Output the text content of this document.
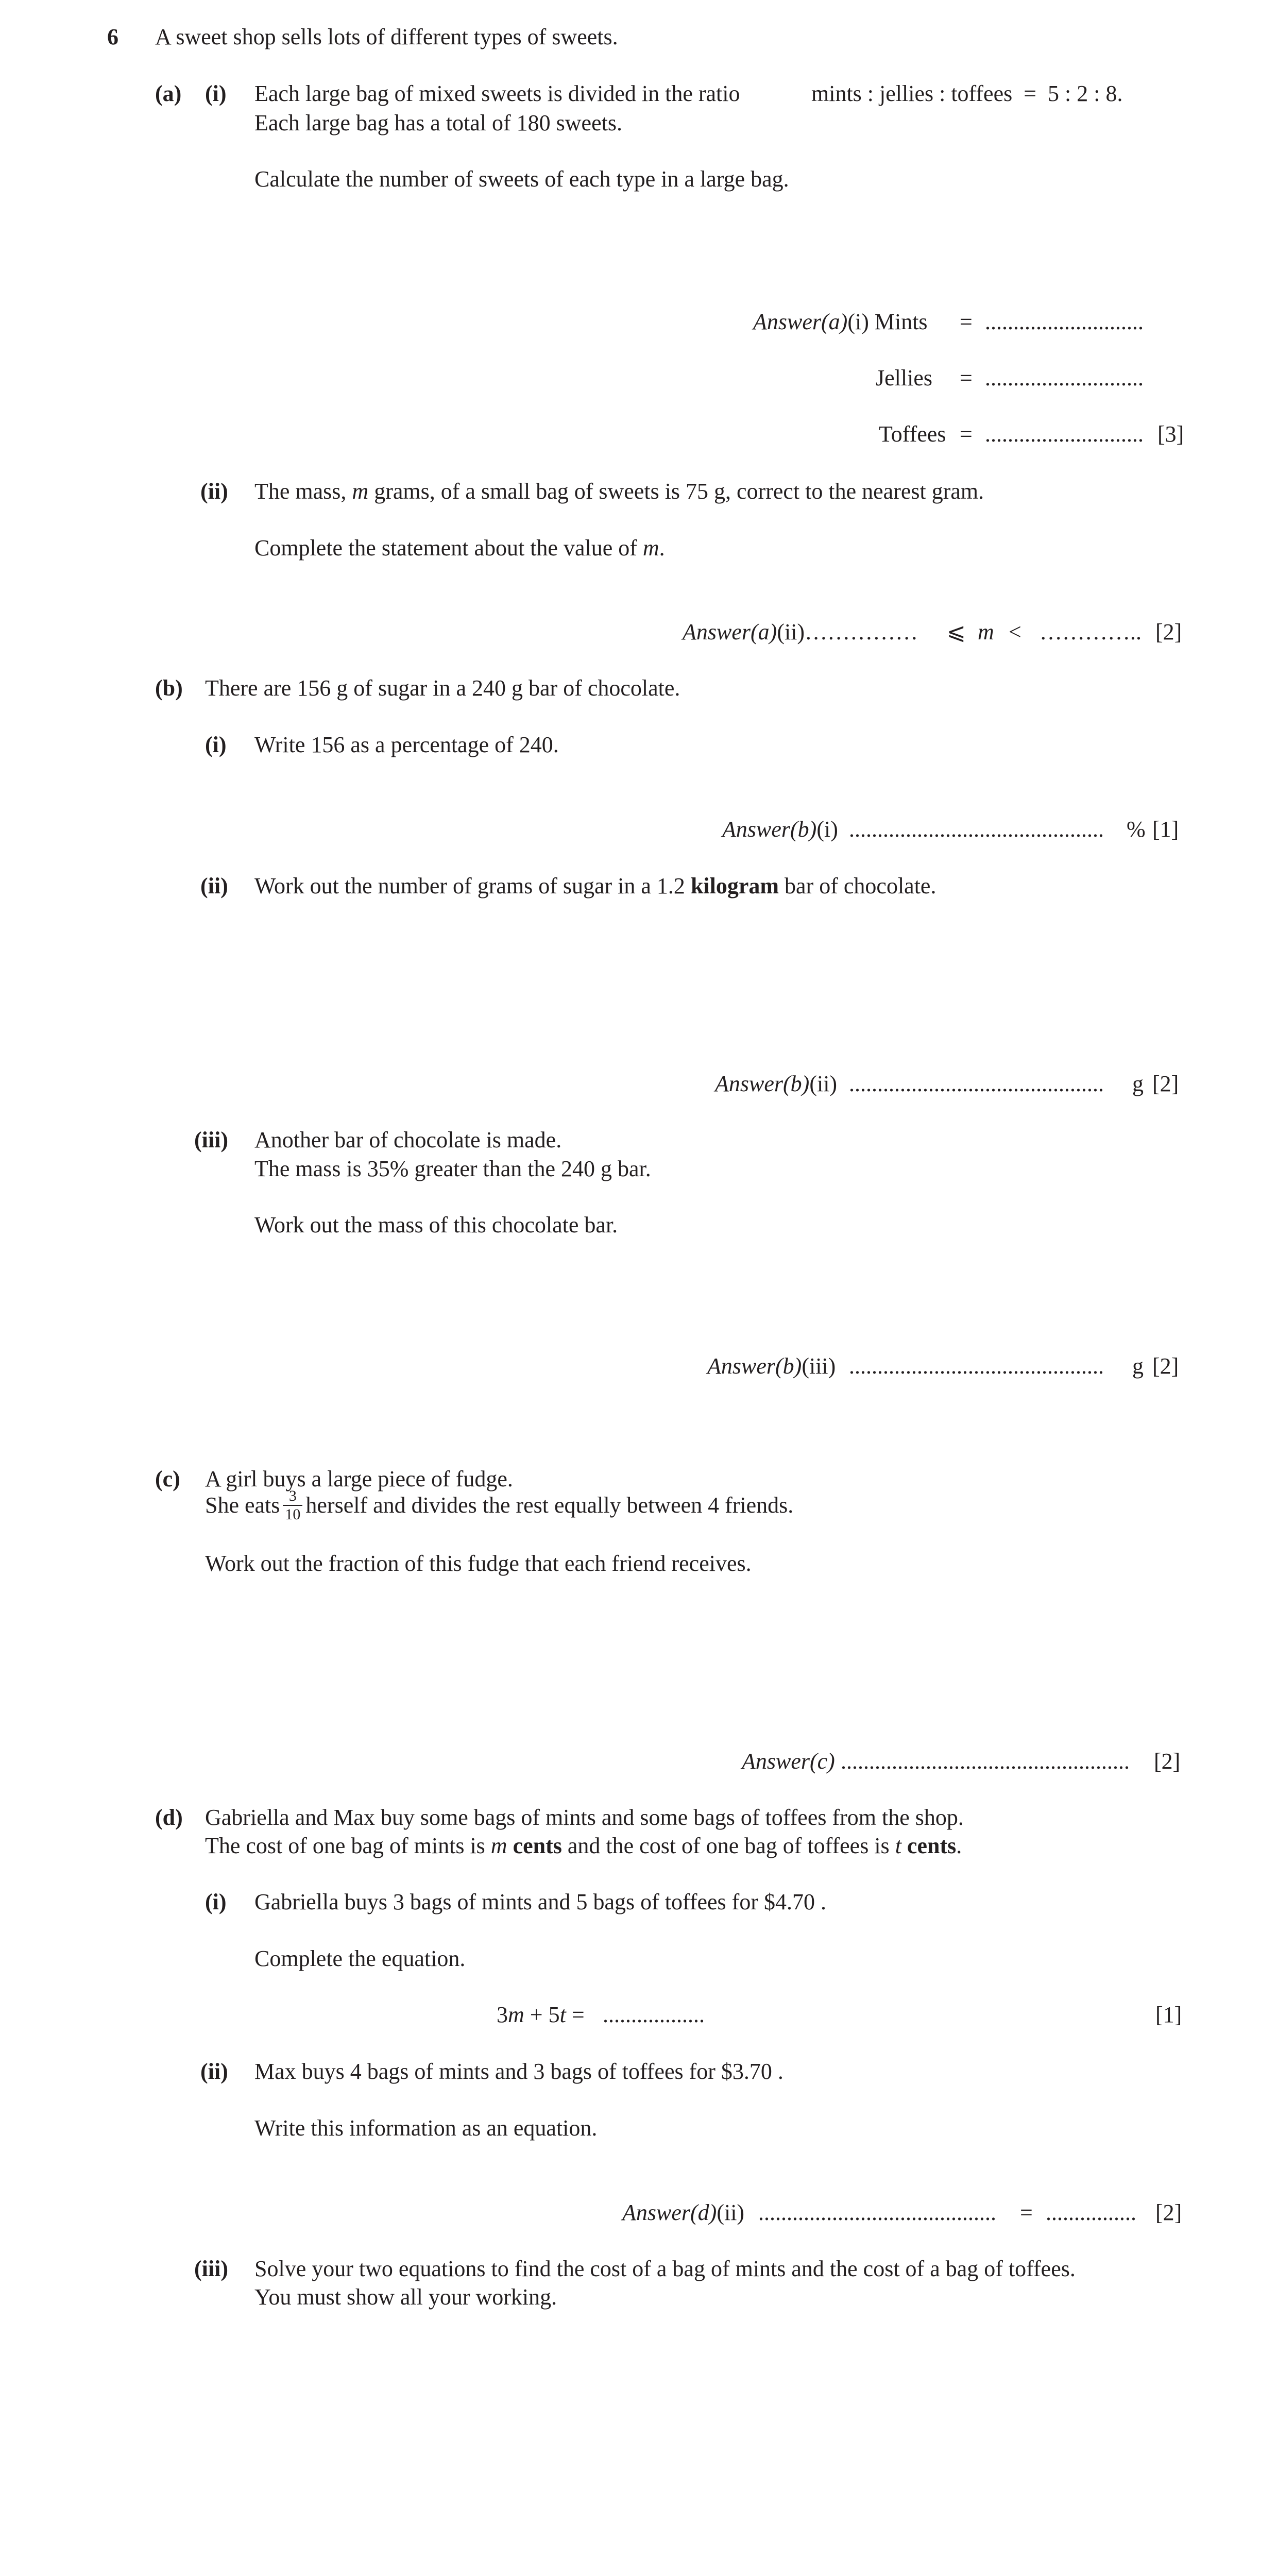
6 A sweet shop sells lots of different types of sweets.
(a) (i) Each large bag of mixed sweets is divided in the ratio	mints : jellies : toffees  =  5 : 2 : 8.
Each large bag has a total of 180 sweets.
Calculate the number of sweets of each type in a large bag.
Answer(a)(i) Mints = ............................
Jellies = ............................
Toffees = ............................ [3]
(ii) The mass, m grams, of a small bag of sweets is 75 g, correct to the nearest gram.
Complete the statement about the value of m.
Answer(a)(ii)…………… ⩽ m < ………….. [2]
(b) There are 156 g of sugar in a 240 g bar of chocolate.
(i) Write 156 as a percentage of 240.
Answer(b)(i) ............................................. % [1]
(ii) Work out the number of grams of sugar in a 1.2 kilogram bar of chocolate.
Answer(b)(ii) ............................................. g [2]
(iii) Another bar of chocolate is made.
The mass is 35% greater than the 240 g bar.
Work out the mass of this chocolate bar.
Answer(b)(iii) ............................................. g [2]
(c) A girl buys a large piece of fudge.
She eats $\frac{3}{10}$ herself and divides the rest equally between 4 friends.
Work out the fraction of this fudge that each friend receives.
Answer(c) ................................................... [2]
(d) Gabriella and Max buy some bags of mints and some bags of toffees from the shop.
The cost of one bag of mints is m cents and the cost of one bag of toffees is t cents.
(i) Gabriella buys 3 bags of mints and 5 bags of toffees for $4.70 .
Complete the equation.
3m + 5t = ..................	[1]
(ii) Max buys 4 bags of mints and 3 bags of toffees for $3.70 .
Write this information as an equation.
Answer(d)(ii) .......................................... = ................ [2]
(iii) Solve your two equations to find the cost of a bag of mints and the cost of a bag of toffees.
You must show all your working.
